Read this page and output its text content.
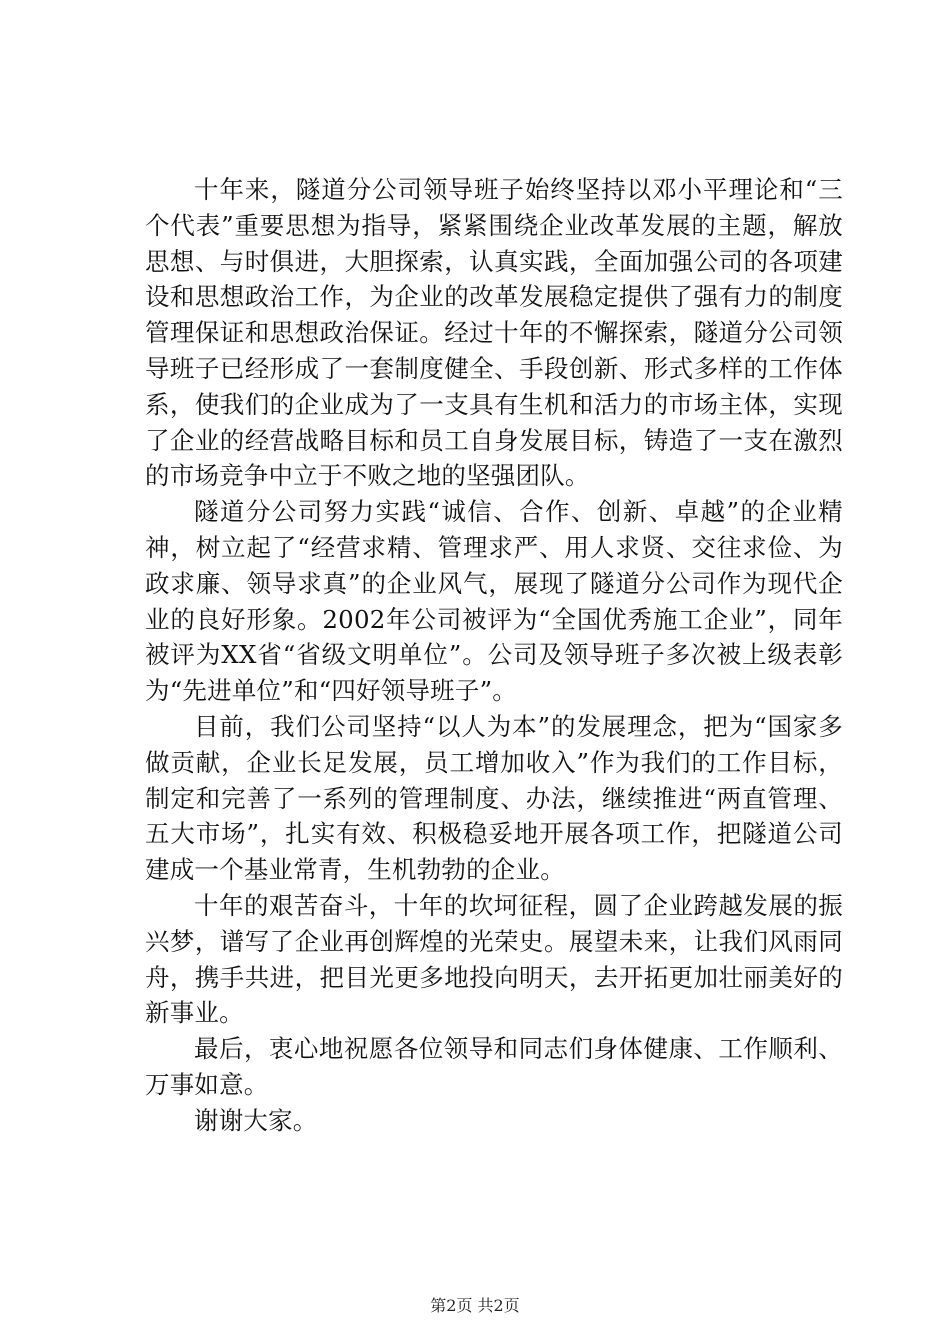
十年来，隧道分公司领导班子始终坚持以邓小平理论和“三个代表”重要思想为指导，紧紧围绕企业改革发展的主题，解放思想、与时俱进，大胆探索，认真实践，全面加强公司的各项建设和思想政治工作，为企业的改革发展稳定提供了强有力的制度管理保证和思想政治保证。经过十年的不懈探索，隧道分公司领导班子已经形成了一套制度健全、手段创新、形式多样的工作体系，使我们的企业成为了一支具有生机和活力的市场主体，实现了企业的经营战略目标和员工自身发展目标，铸造了一支在激烈的市场竞争中立于不败之地的坚强团队。

隧道分公司努力实践“诚信、合作、创新、卓越”的企业精神，树立起了“经营求精、管理求严、用人求贤、交往求俭、为政求廉、领导求真”的企业风气，展现了隧道分公司作为现代企业的良好形象。2002年公司被评为“全国优秀施工企业”，同年被评为XX省“省级文明单位”。公司及领导班子多次被上级表彰为“先进单位”和“四好领导班子”。

目前，我们公司坚持“以人为本”的发展理念，把为“国家多做贡献，企业长足发展，员工增加收入”作为我们的工作目标，制定和完善了一系列的管理制度、办法，继续推进“两直管理、五大市场”，扎实有效、积极稳妥地开展各项工作，把隧道公司建成一个基业常青，生机勃勃的企业。

十年的艰苦奋斗，十年的坎坷征程，圆了企业跨越发展的振兴梦，谱写了企业再创辉煌的光荣史。展望未来，让我们风雨同舟，携手共进，把目光更多地投向明天，去开拓更加壮丽美好的新事业。

最后，衷心地祝愿各位领导和同志们身体健康、工作顺利、万事如意。

谢谢大家。

第2页 共2页
